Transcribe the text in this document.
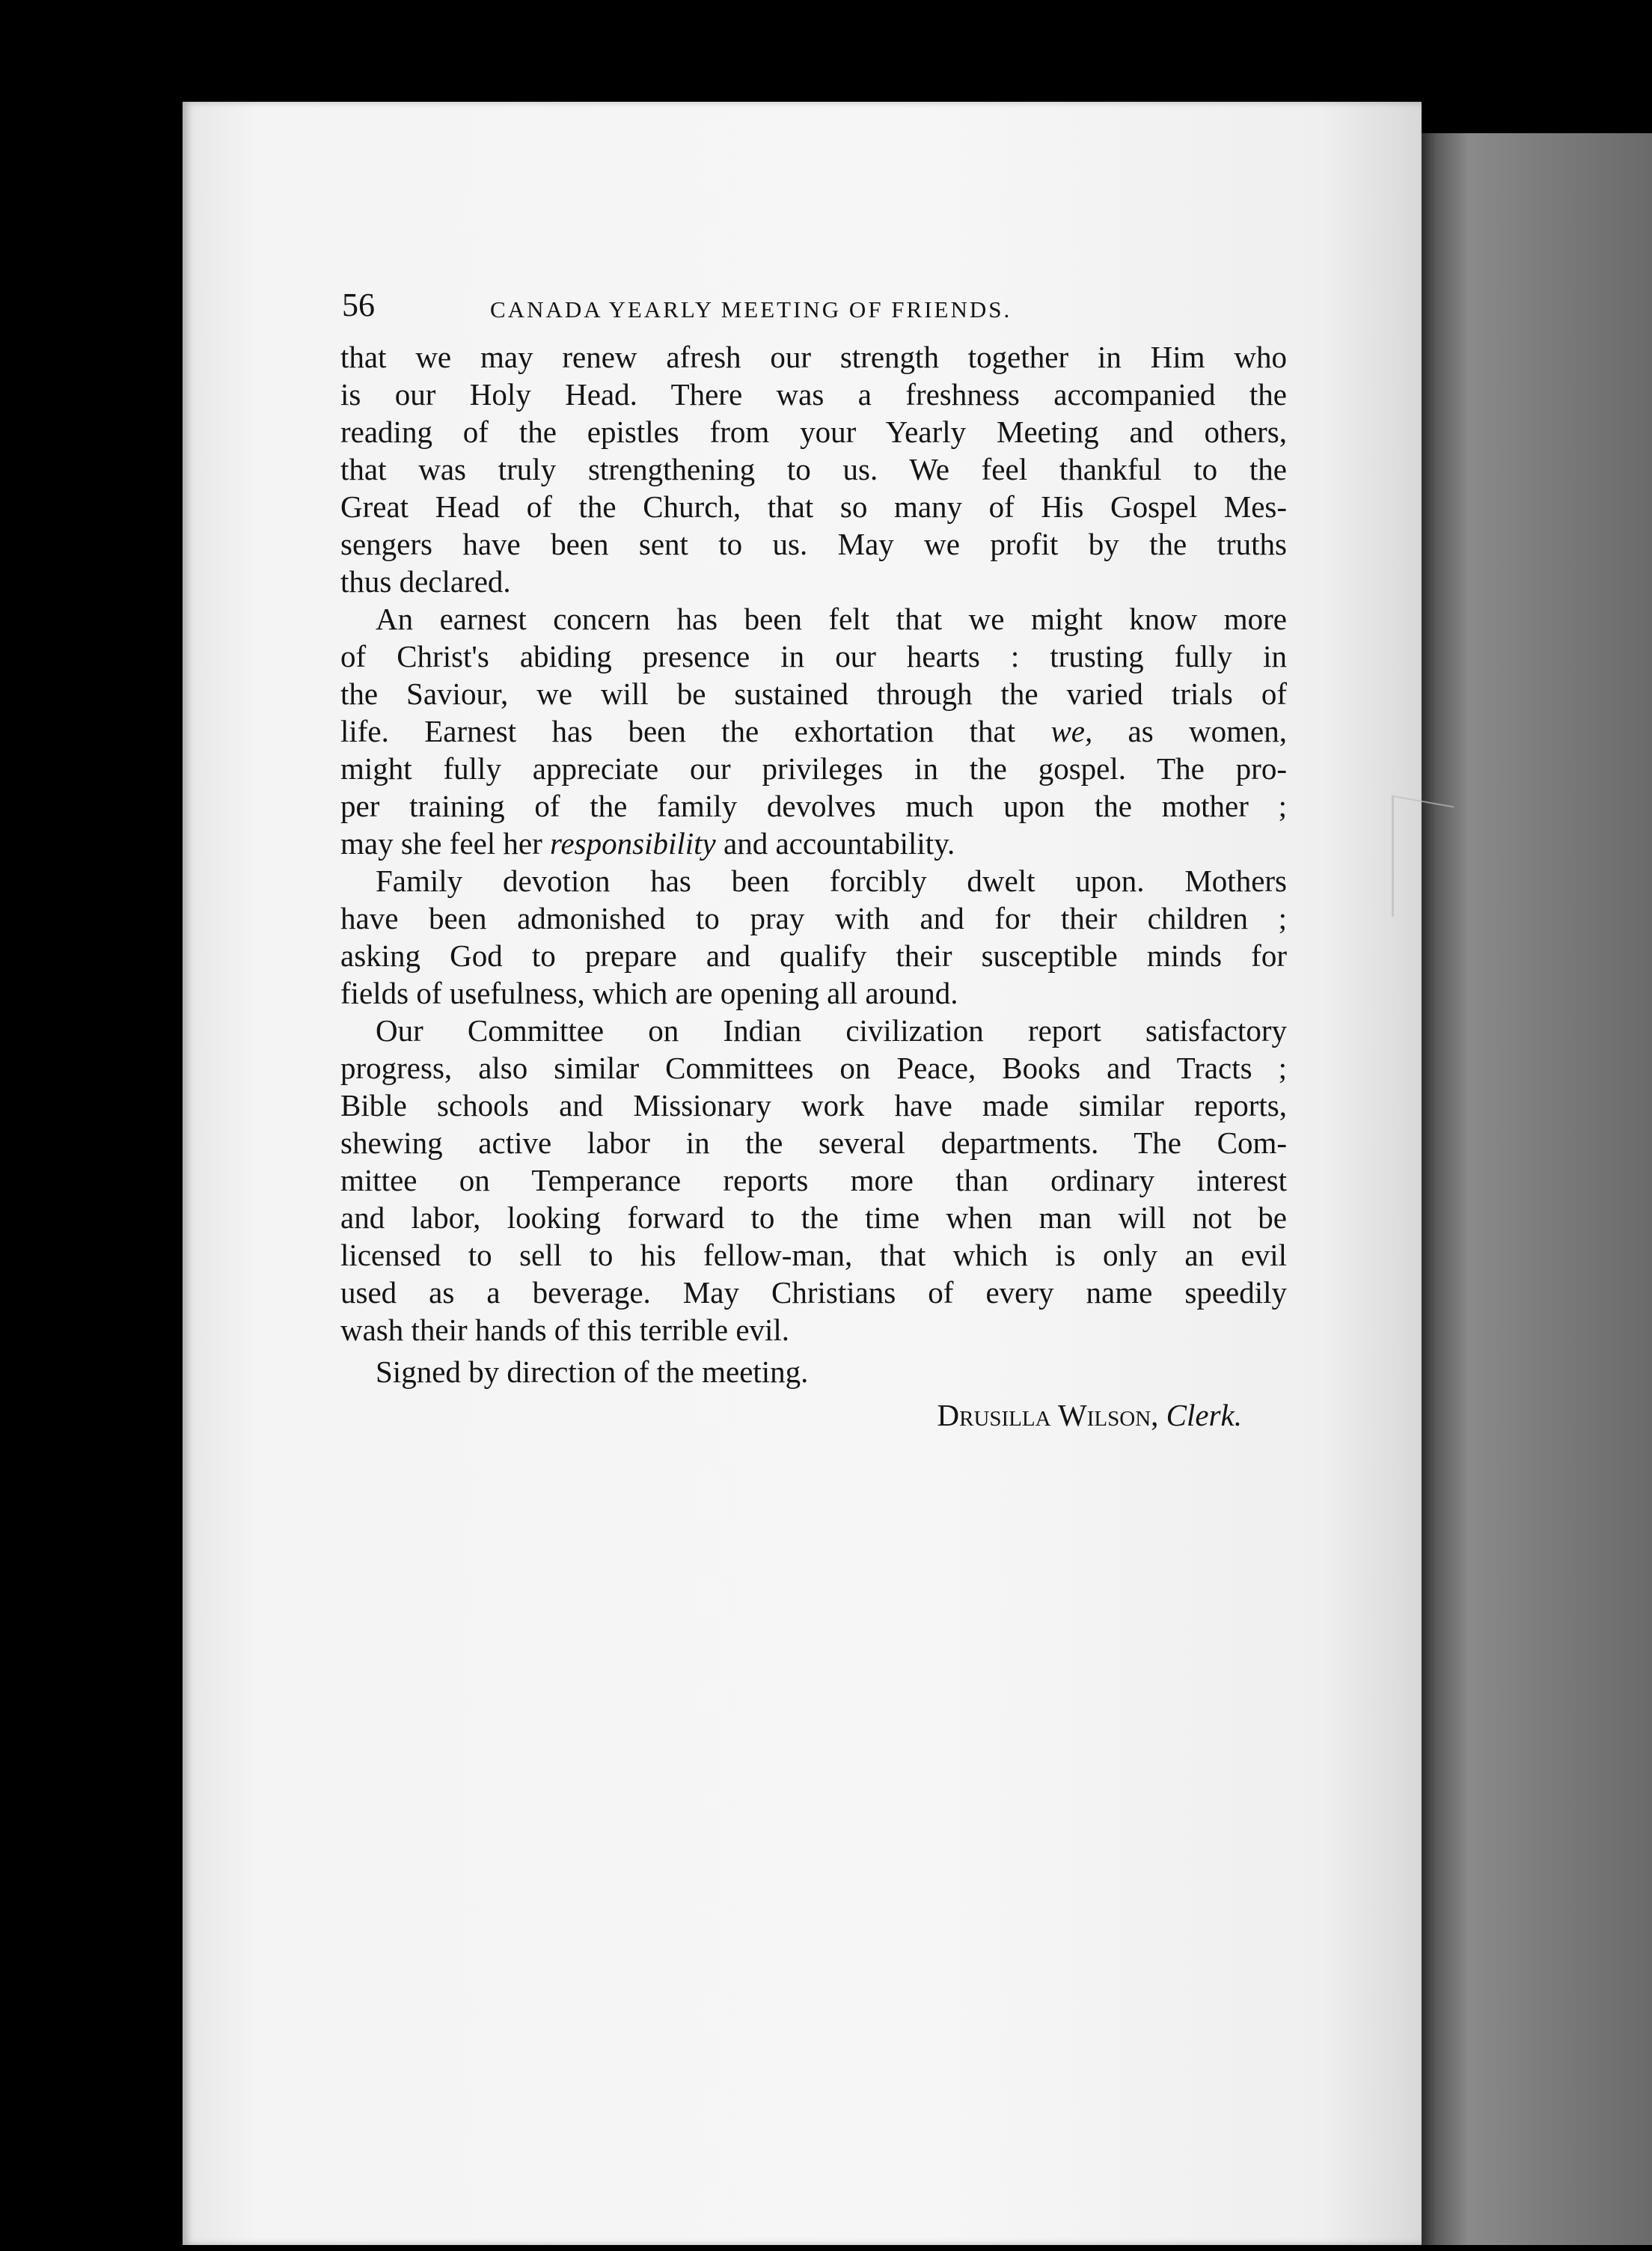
56	CANADA YEARLY MEETING OF FRIENDS.
that we may renew afresh our strength together in Him who
is our Holy Head. There was a freshness accompanied the
reading of the epistles from your Yearly Meeting and others,
that was truly strengthening to us. We feel thankful to the
Great Head of the Church, that so many of His Gospel Mes-
sengers have been sent to us. May we profit by the truths
thus declared.
An earnest concern has been felt that we might know more
of Christ's abiding presence in our hearts : trusting fully in
the Saviour, we will be sustained through the varied trials of
life. Earnest has been the exhortation that we, as women,
might fully appreciate our privileges in the gospel. The pro-
per training of the family devolves much upon the mother ;
may she feel her responsibility and accountability.
Family devotion has been forcibly dwelt upon. Mothers
have been admonished to pray with and for their children ;
asking God to prepare and qualify their susceptible minds for
fields of usefulness, which are opening all around.
Our Committee on Indian civilization report satisfactory
progress, also similar Committees on Peace, Books and Tracts ;
Bible schools and Missionary work have made similar reports,
shewing active labor in the several departments. The Com-
mittee on Temperance reports more than ordinary interest
and labor, looking forward to the time when man will not be
licensed to sell to his fellow-man, that which is only an evil
used as a beverage. May Christians of every name speedily
wash their hands of this terrible evil.
Signed by direction of the meeting.
Drusilla Wilson, Clerk.
